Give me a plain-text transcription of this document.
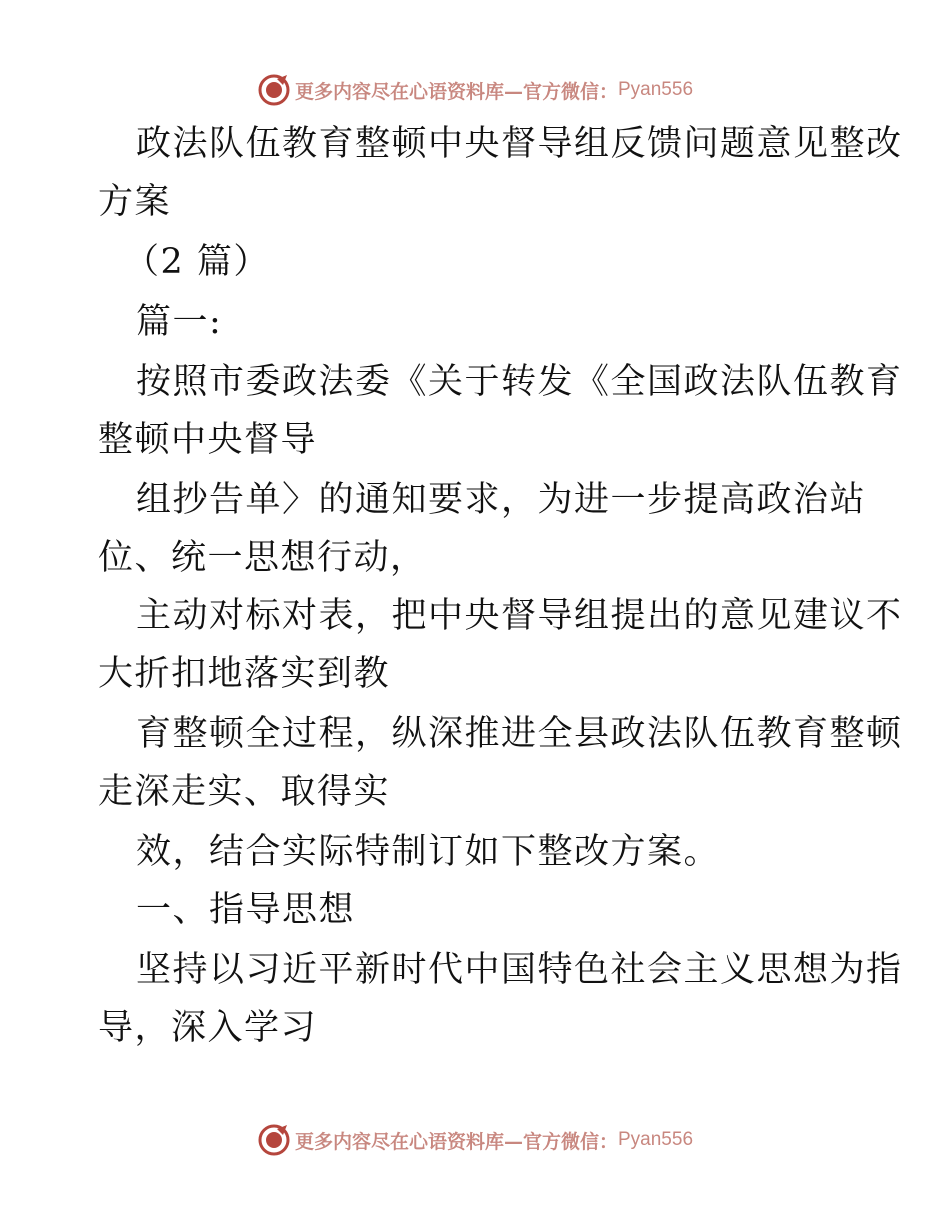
更多内容尽在心语资料库—官方微信： Pyan556
政法队伍教育整顿中央督导组反馈问题意见整改
方案
（2 篇）
篇一:
按照市委政法委《关于转发《全国政法队伍教育
整顿中央督导
组抄告单〉的通知要求，为进一步提高政治站
位、统一思想行动，
主动对标对表，把中央督导组提出的意见建议不
大折扣地落实到教
育整顿全过程，纵深推进全县政法队伍教育整顿
走深走实、取得实
效，结合实际特制订如下整改方案。
一、指导思想
坚持以习近平新时代中国特色社会主义思想为指
导，深入学习
更多内容尽在心语资料库—官方微信： Pyan556
